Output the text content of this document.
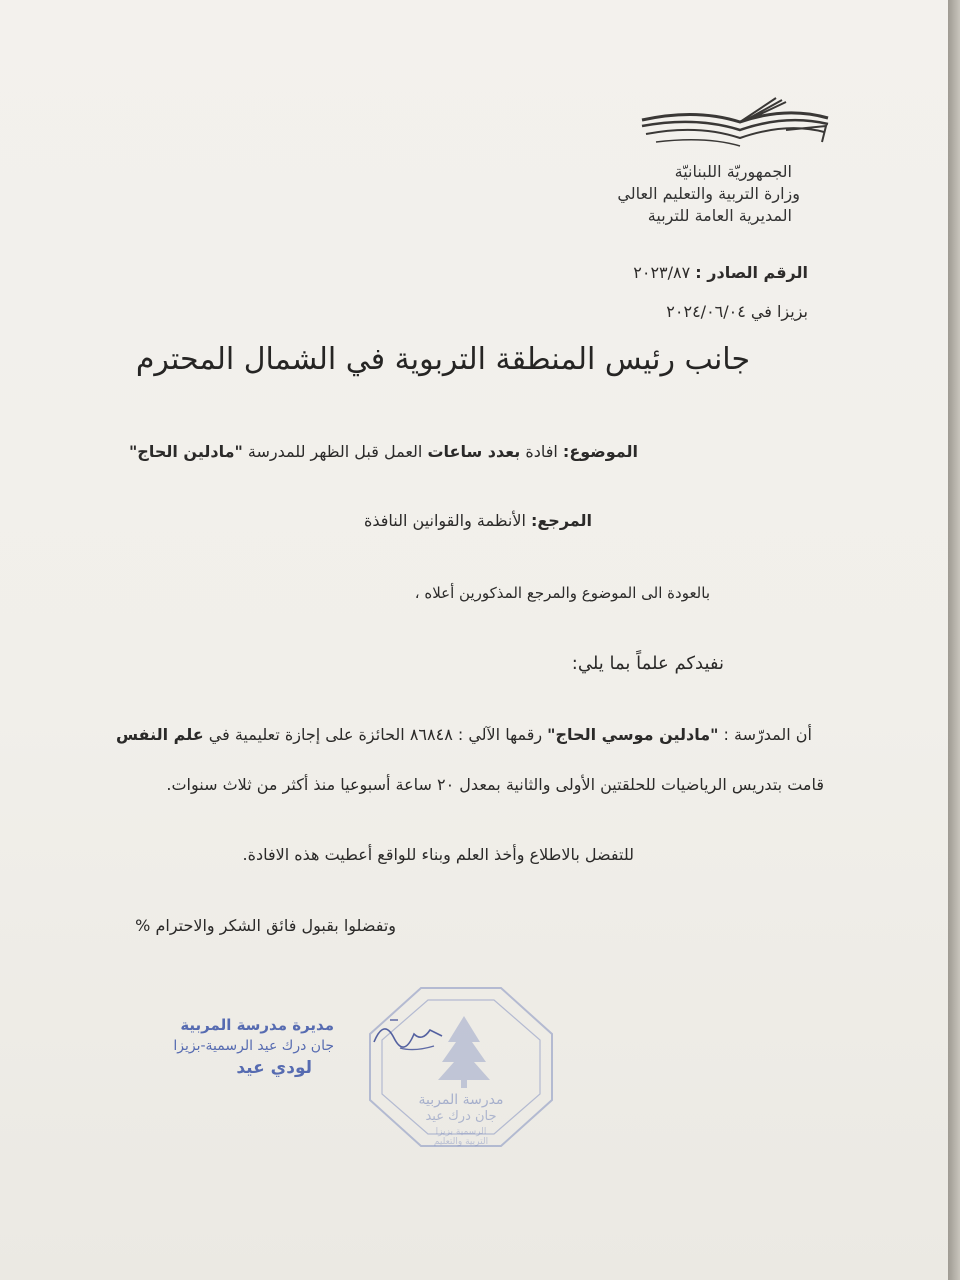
الجمهوريّة اللبنانيّة
وزارة التربية والتعليم العالي
المديرية العامة للتربية
الرقم الصادر : ٢٠٢٣/٨٧
بزيزا في ٢٠٢٤/٠٦/٠٤
جانب رئيس المنطقة التربوية في الشمال المحترم
الموضوع: افادة بعدد ساعات العمل قبل الظهر للمدرسة "مادلين الحاج"
المرجع: الأنظمة والقوانين النافذة
بالعودة الى الموضوع والمرجع المذكورين أعلاه ،
نفيدكم علماً بما يلي:
أن المدرّسة : "مادلين موسي الحاج" رقمها الآلي : ٨٦٨٤٨ الحائزة على إجازة تعليمية في علم النفس
قامت بتدريس الرياضيات للحلقتين الأولى والثانية بمعدل ٢٠ ساعة أسبوعيا منذ أكثر من ثلاث سنوات.
للتفضل بالاطلاع وأخذ العلم وبناء للواقع أعطيت هذه الافادة.
وتفضلوا بقبول فائق الشكر والاحترام %
مدرسة المربية
جان درك عيد
الرسمية بزيزا
التربية والتعليم
مديرة مدرسة المربية
جان درك عيد الرسمية-بزيزا
لودي عيد
